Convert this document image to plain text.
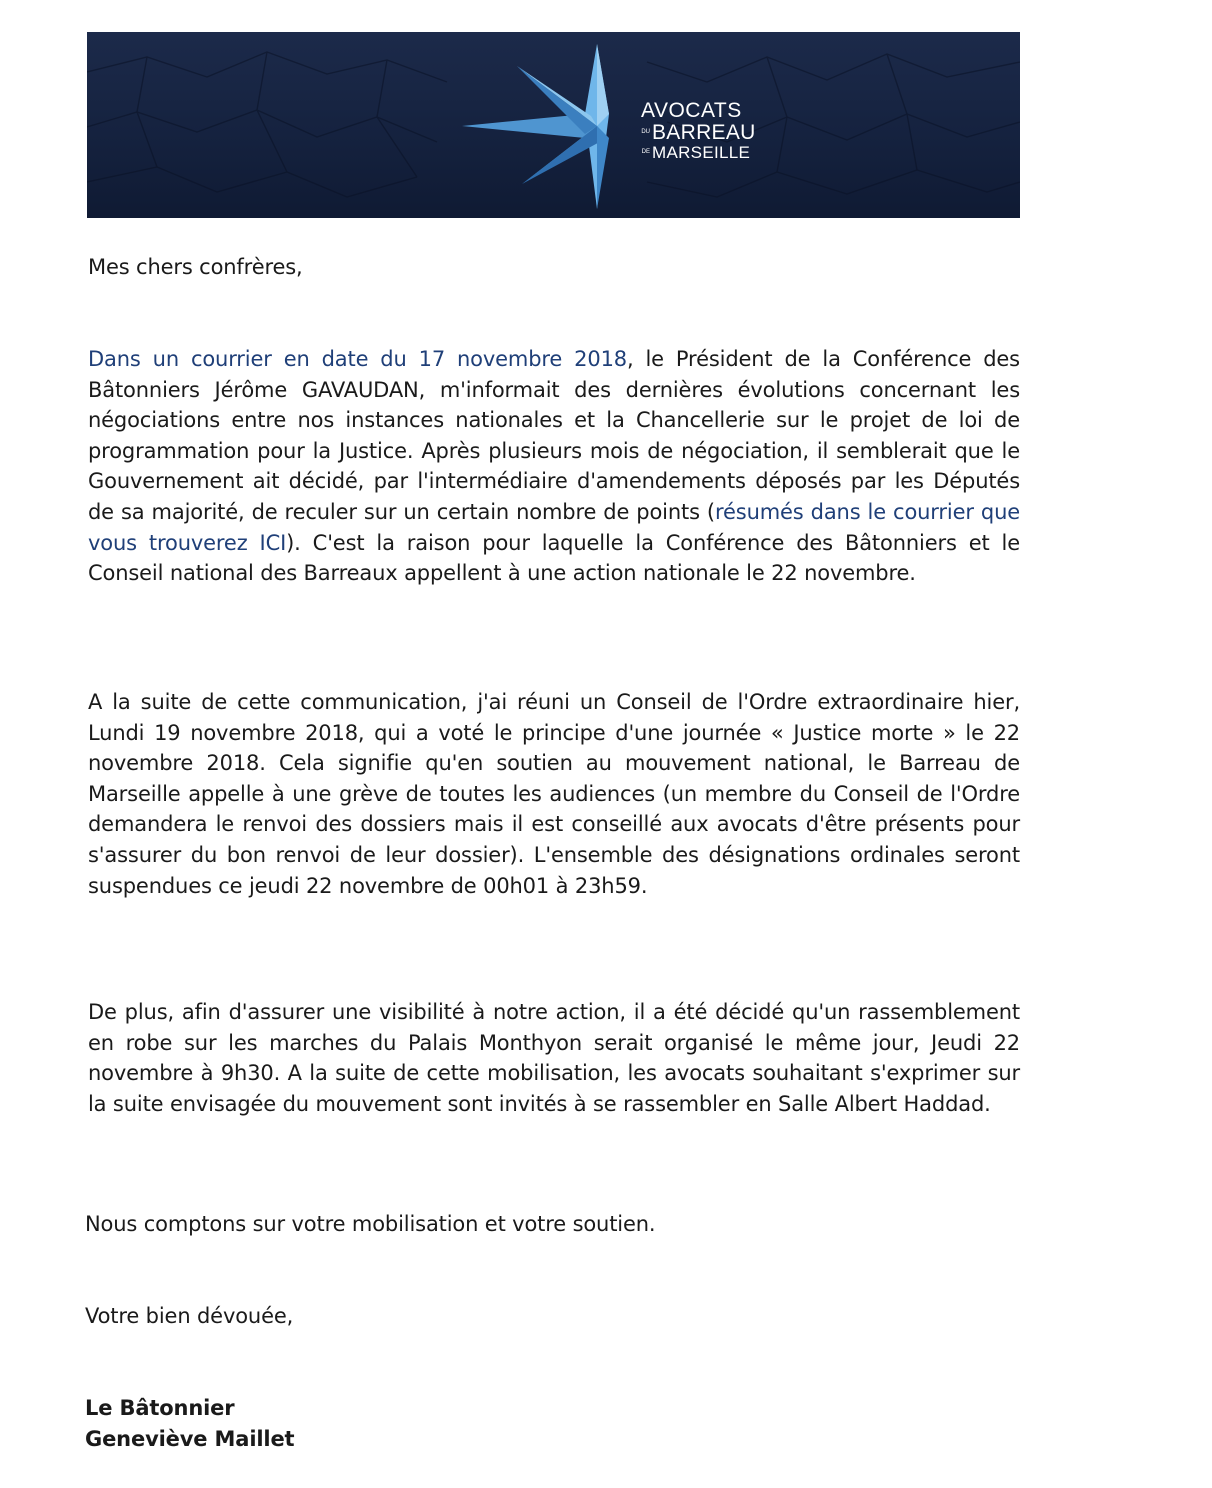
AVOCATS
DU BARREAU
DE MARSEILLE

Mes chers confrères,

Dans un courrier en date du 17 novembre 2018, le Président de la Conférence des Bâtonniers Jérôme GAVAUDAN, m'informait des dernières évolutions concernant les négociations entre nos instances nationales et la Chancellerie sur le projet de loi de programmation pour la Justice. Après plusieurs mois de négociation, il semblerait que le Gouvernement ait décidé, par l'intermédiaire d'amendements déposés par les Députés de sa majorité, de reculer sur un certain nombre de points (résumés dans le courrier que vous trouverez ICI). C'est la raison pour laquelle la Conférence des Bâtonniers et le Conseil national des Barreaux appellent à une action nationale le 22 novembre.

A la suite de cette communication, j'ai réuni un Conseil de l'Ordre extraordinaire hier, Lundi 19 novembre 2018, qui a voté le principe d'une journée « Justice morte » le 22 novembre 2018. Cela signifie qu'en soutien au mouvement national, le Barreau de Marseille appelle à une grève de toutes les audiences (un membre du Conseil de l'Ordre demandera le renvoi des dossiers mais il est conseillé aux avocats d'être présents pour s'assurer du bon renvoi de leur dossier). L'ensemble des désignations ordinales seront suspendues ce jeudi 22 novembre de 00h01 à 23h59.

De plus, afin d'assurer une visibilité à notre action, il a été décidé qu'un rassemblement en robe sur les marches du Palais Monthyon serait organisé le même jour, Jeudi 22 novembre à 9h30. A la suite de cette mobilisation, les avocats souhaitant s'exprimer sur la suite envisagée du mouvement sont invités à se rassembler en Salle Albert Haddad.

Nous comptons sur votre mobilisation et votre soutien.

Votre bien dévouée,

Le Bâtonnier

Geneviève Maillet
